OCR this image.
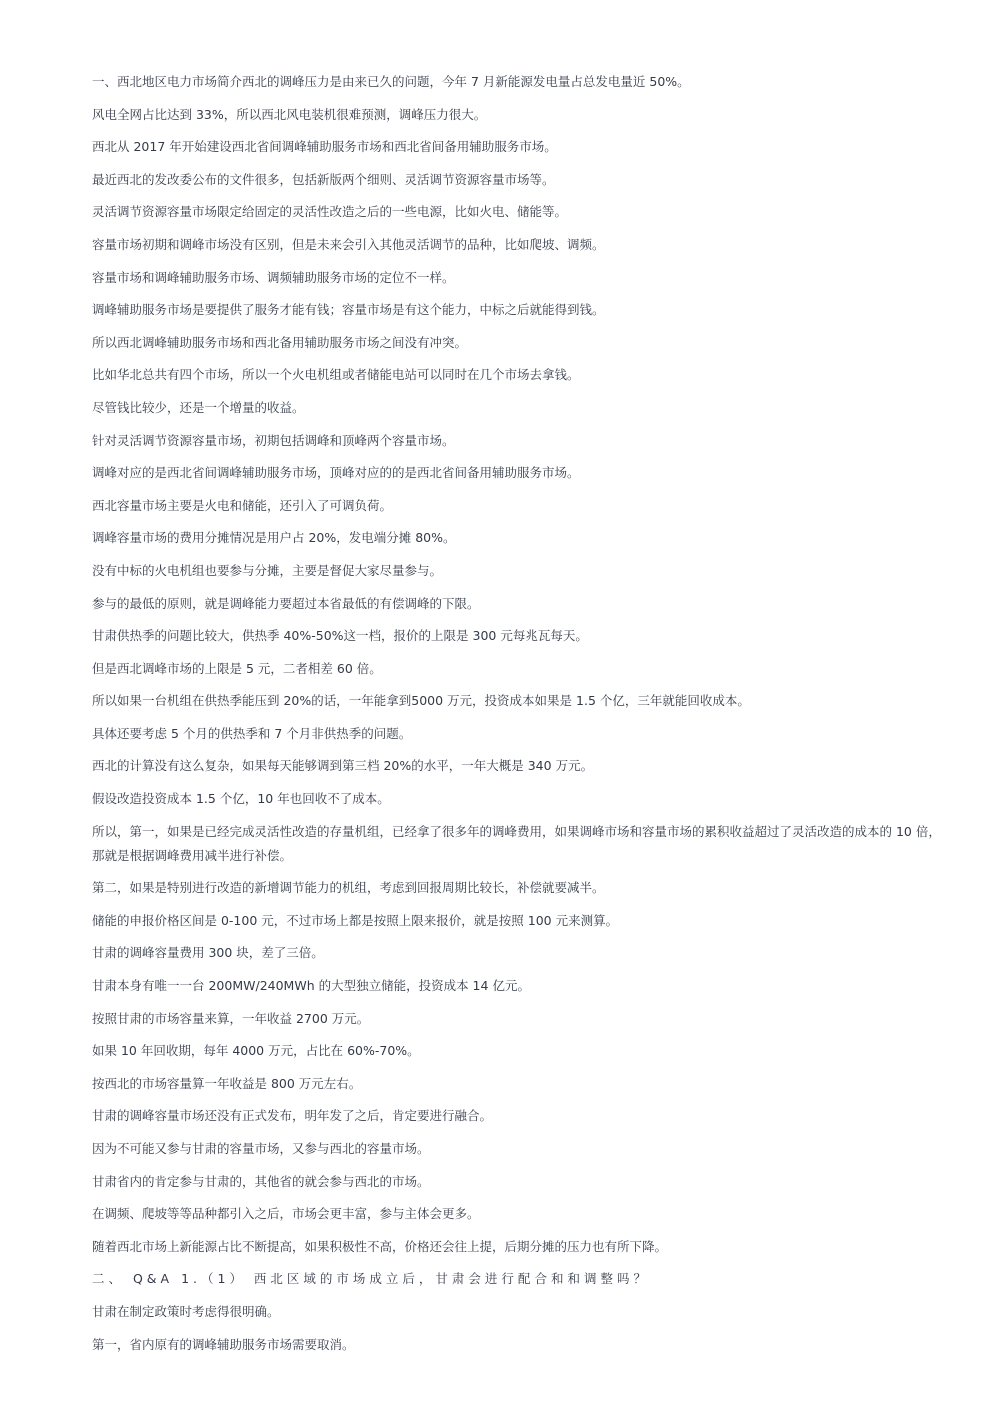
一、西北地区电力市场简介西北的调峰压力是由来已久的问题，今年 7 月新能源发电量占总发电量近 50%。

风电全网占比达到 33%，所以西北风电装机很难预测，调峰压力很大。

西北从 2017 年开始建设西北省间调峰辅助服务市场和西北省间备用辅助服务市场。

最近西北的发改委公布的文件很多，包括新版两个细则、灵活调节资源容量市场等。

灵活调节资源容量市场限定给固定的灵活性改造之后的一些电源，比如火电、储能等。

容量市场初期和调峰市场没有区别，但是未来会引入其他灵活调节的品种，比如爬坡、调频。

容量市场和调峰辅助服务市场、调频辅助服务市场的定位不一样。

调峰辅助服务市场是要提供了服务才能有钱；容量市场是有这个能力，中标之后就能得到钱。

所以西北调峰辅助服务市场和西北备用辅助服务市场之间没有冲突。

比如华北总共有四个市场，所以一个火电机组或者储能电站可以同时在几个市场去拿钱。

尽管钱比较少，还是一个增量的收益。

针对灵活调节资源容量市场，初期包括调峰和顶峰两个容量市场。

调峰对应的是西北省间调峰辅助服务市场，顶峰对应的的是西北省间备用辅助服务市场。

西北容量市场主要是火电和储能，还引入了可调负荷。

调峰容量市场的费用分摊情况是用户占 20%，发电端分摊 80%。

没有中标的火电机组也要参与分摊，主要是督促大家尽量参与。

参与的最低的原则，就是调峰能力要超过本省最低的有偿调峰的下限。

甘肃供热季的问题比较大，供热季 40%-50%这一档，报价的上限是 300 元每兆瓦每天。

但是西北调峰市场的上限是 5 元，二者相差 60 倍。

所以如果一台机组在供热季能压到 20%的话，一年能拿到5000 万元，投资成本如果是 1.5 个亿，三年就能回收成本。

具体还要考虑 5 个月的供热季和 7 个月非供热季的问题。

西北的计算没有这么复杂，如果每天能够调到第三档 20%的水平，一年大概是 340 万元。

假设改造投资成本 1.5 个亿，10 年也回收不了成本。

所以，第一，如果是已经完成灵活性改造的存量机组，已经拿了很多年的调峰费用，如果调峰市场和容量市场的累积收益超过了灵活改造的成本的 10 倍，那就是根据调峰费用减半进行补偿。

第二，如果是特别进行改造的新增调节能力的机组，考虑到回报周期比较长，补偿就要减半。

储能的申报价格区间是 0-100 元，不过市场上都是按照上限来报价，就是按照 100 元来测算。

甘肃的调峰容量费用 300 块，差了三倍。

甘肃本身有唯一一台 200MW/240MWh 的大型独立储能，投资成本 14 亿元。

按照甘肃的市场容量来算，一年收益 2700 万元。

如果 10 年回收期，每年 4000 万元，占比在 60%-70%。

按西北的市场容量算一年收益是 800 万元左右。

甘肃的调峰容量市场还没有正式发布，明年发了之后，肯定要进行融合。

因为不可能又参与甘肃的容量市场，又参与西北的容量市场。

甘肃省内的肯定参与甘肃的，其他省的就会参与西北的市场。

在调频、爬坡等等品种都引入之后，市场会更丰富，参与主体会更多。

随着西北市场上新能源占比不断提高，如果积极性不高，价格还会往上提，后期分摊的压力也有所下降。

二、 Q&A 1.（1） 西北区域的市场成立后，甘肃会进行配合和和调整吗？

甘肃在制定政策时考虑得很明确。

第一，省内原有的调峰辅助服务市场需要取消。
